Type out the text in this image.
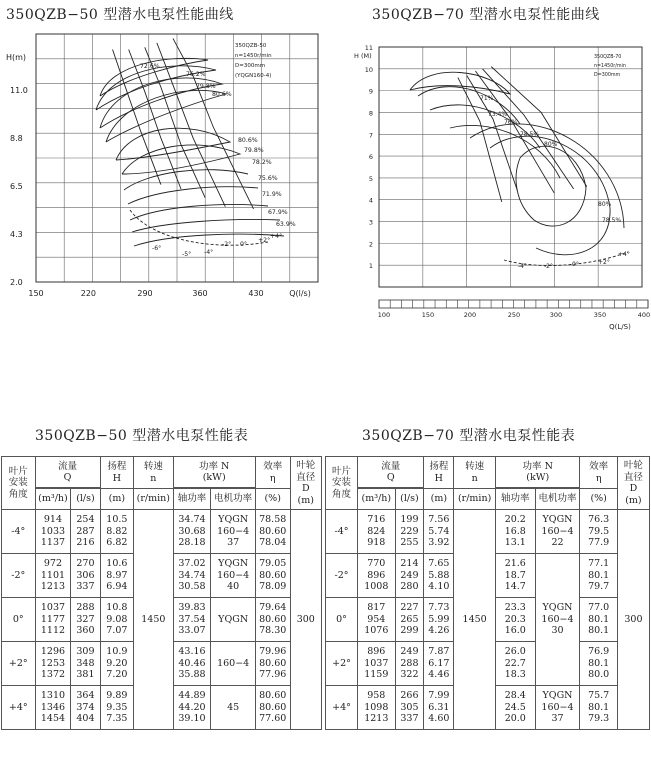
350QZB−50 型潜水电泵性能曲线
150	220	290	360	430
2.0
4.3
6.5
8.8
11.0
H(m)
Q(l/s)
350QZB-50
n=1450r/min
D=300mm
(YQGN160-4)
72.6%
76.2%
79.8%
80.6%
80.6%
79.8%
78.2%
75.6%
71.9%
67.9%
63.9%
-6°
-5° -4°
-2° 0°
+2°
+4°
350QZB−70 型潜水电泵性能曲线
100	150	200	250	300	350	400
1
2
3
4
5
6
7
8
9
10
11
H (M)
Q(L/S)
350QZB-70
n=1450r/min
D=300mm
71%
73.4%
76%
78.5%
80%
80%
78.5%
-4°	-2°	0°	+2°
+4°
350QZB−50 型潜水电泵性能表	350QZB−70 型潜水电泵性能表
叶片
安装
角度	流量
Q		扬程
H	转速
n	功率 N
(kW)		效率
η	叶轮
直径
D
(m)

	(m³/h)	(l/s)	(m)	(r/min)	轴功率	电机功率	(%)	
-4°	914
1033
1137	254
287
216	10.5
8.82
6.82	1450	34.74
30.68
28.18	YQGN
160−4
37	78.58
80.60
78.04	300
-2°	972
1101
1213	270
306
337	10.6
8.97
6.94		37.02
34.74
30.58	YQGN
160−4
40	79.05
80.60
78.09	

0°	1037
1177
1112	288
327
360	10.8
9.08
7.07		39.83
37.54
33.07	YQGN	79.64
80.60
78.30	

+2°	1296
1253
1372	309
348
381	10.9
9.20
7.20		43.16
40.46
35.88	160−4	79.96
80.60
77.96	

+4°	1310
1346
1454	364
374
404	9.89
9.35
7.35		44.89
44.20
39.10	45	80.60
80.60
77.60	
叶片
安装
角度	流量
Q		扬程
H	转速
n	功率 N
(kW)		效率
η	叶轮
直径
D
(m)

	(m³/h)	(l/s)	(m)	(r/min)	轴功率	电机功率	(%)	
-4°	716
824
918	199
229
255	7.56
5.74
3.92	1450	20.2
16.8
13.1	YQGN
160−4
22	76.3
79.5
77.9	300
-2°	770
896
1008	214
249
280	7.65
5.88
4.10		21.6
18.7
14.7	YQGN
160−4
30	77.1
80.1
79.7	

0°	817
954
1076	227
265
299	7.73
5.99
4.26		23.3
20.3
16.0		77.0
80.1
80.1	

+2°	896
1037
1159	249
288
322	7.87
6.17
4.46		26.0
22.7
18.3		76.9
80.1
80.0	

+4°	958
1098
1213	266
305
337	7.99
6.31
4.60		28.4
24.5
20.0	YQGN
160−4
37	75.7
80.1
79.3	
